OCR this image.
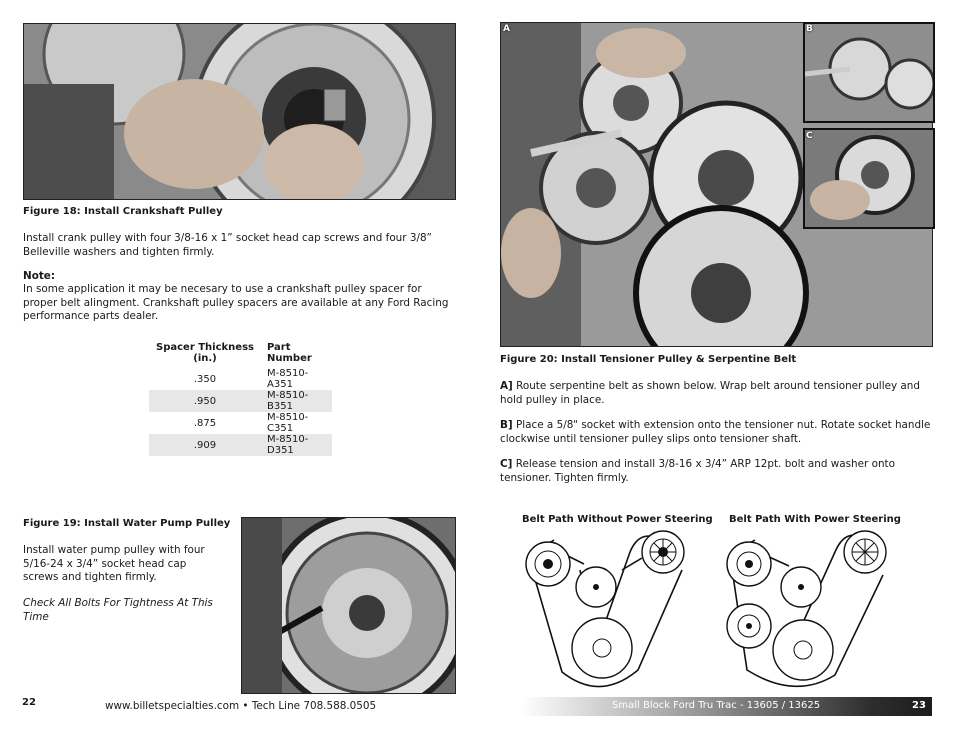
Figure 18: Install Crankshaft Pulley
Install crank pulley with four 3/8-16 x 1” socket head cap screws and four 3/8” Belleville washers and tighten firmly.
Note:
In some application it may be necesary to use a crankshaft pulley spacer for proper belt alingment. Crankshaft pulley spacers are available at any Ford Racing performance parts dealer.
Spacer Thickness (in.)	Part Number
.350	M-8510-A351
.950	M-8510-B351
.875	M-8510-C351
.909	M-8510-D351
Figure 19: Install Water Pump Pulley
Install water pump pulley with four 5/16-24 x 3/4” socket head cap screws and tighten firmly.
Check All Bolts For Tightness At This Time
22	www.billetspecialties.com • Tech Line 708.588.0505
A	B
C
Figure 20: Install Tensioner Pulley & Serpentine Belt
A] Route serpentine belt as shown below. Wrap belt around tensioner pulley and hold pulley in place.
B] Place a 5/8" socket with extension onto the tensioner nut. Rotate socket handle clockwise until tensioner pulley slips onto tensioner shaft.
C] Release tension and install 3/8-16 x 3/4” ARP 12pt. bolt and washer onto tensioner. Tighten firmly.
Belt Path Without Power Steering Belt Path With Power Steering
Small Block Ford Tru Trac - 13605 / 13625	23
